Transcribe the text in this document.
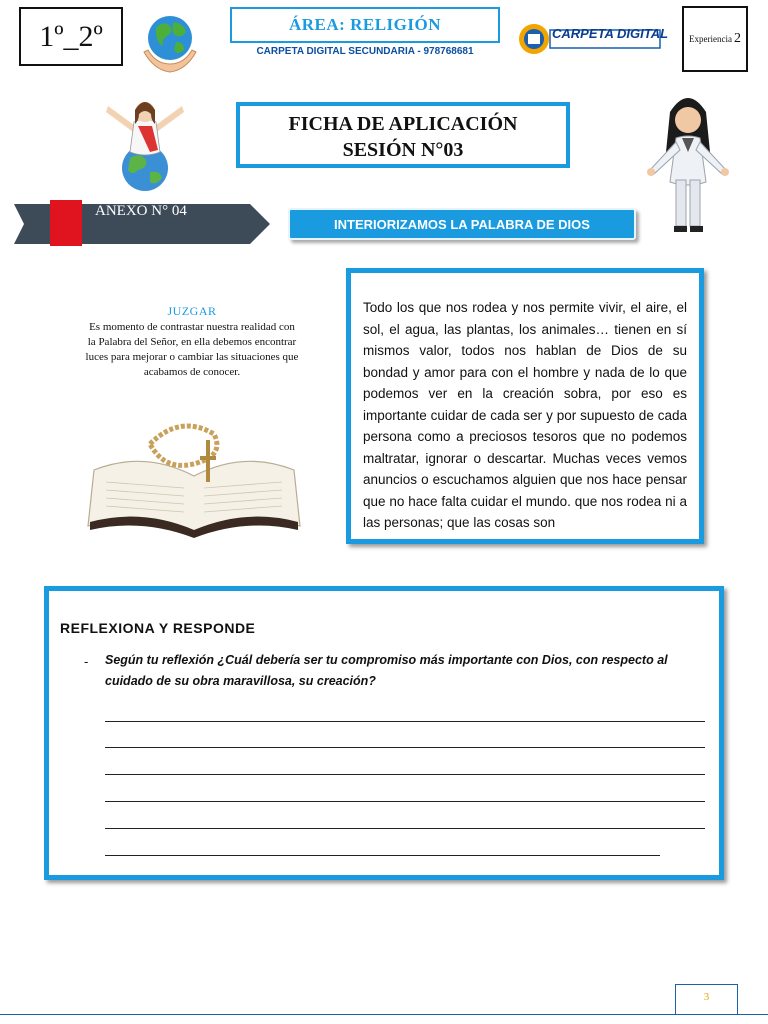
1º_2º	ÁREA: RELIGIÓN
CARPETA DIGITAL SECUNDARIA - 978768681
CARPETA DIGITAL Experiencia 2
FICHA DE APLICACIÓN
SESIÓN N°03
ANEXO N° 04
INTERIORIZAMOS LA PALABRA DE DIOS
JUZGAR
Es momento de contrastar nuestra realidad con la Palabra del Señor, en ella debemos encontrar luces para mejorar o cambiar las situaciones que acabamos de conocer.
Todo los que nos rodea y nos permite vivir, el aire, el sol, el agua, las plantas, los animales… tienen en sí mismos valor, todos nos hablan de Dios de su bondad y amor para con el hombre y nada de lo que podemos ver en la creación sobra, por eso es importante cuidar de cada ser y por supuesto de cada persona como a preciosos tesoros que no podemos maltratar, ignorar o descartar. Muchas veces vemos anuncios o escuchamos alguien que nos hace pensar que no hace falta cuidar el mundo. que nos rodea ni a las personas; que las cosas son
REFLEXIONA Y RESPONDE
- Según tu reflexión ¿Cuál debería ser tu compromiso más importante con Dios, con respecto al cuidado de su obra maravillosa, su creación?
3
